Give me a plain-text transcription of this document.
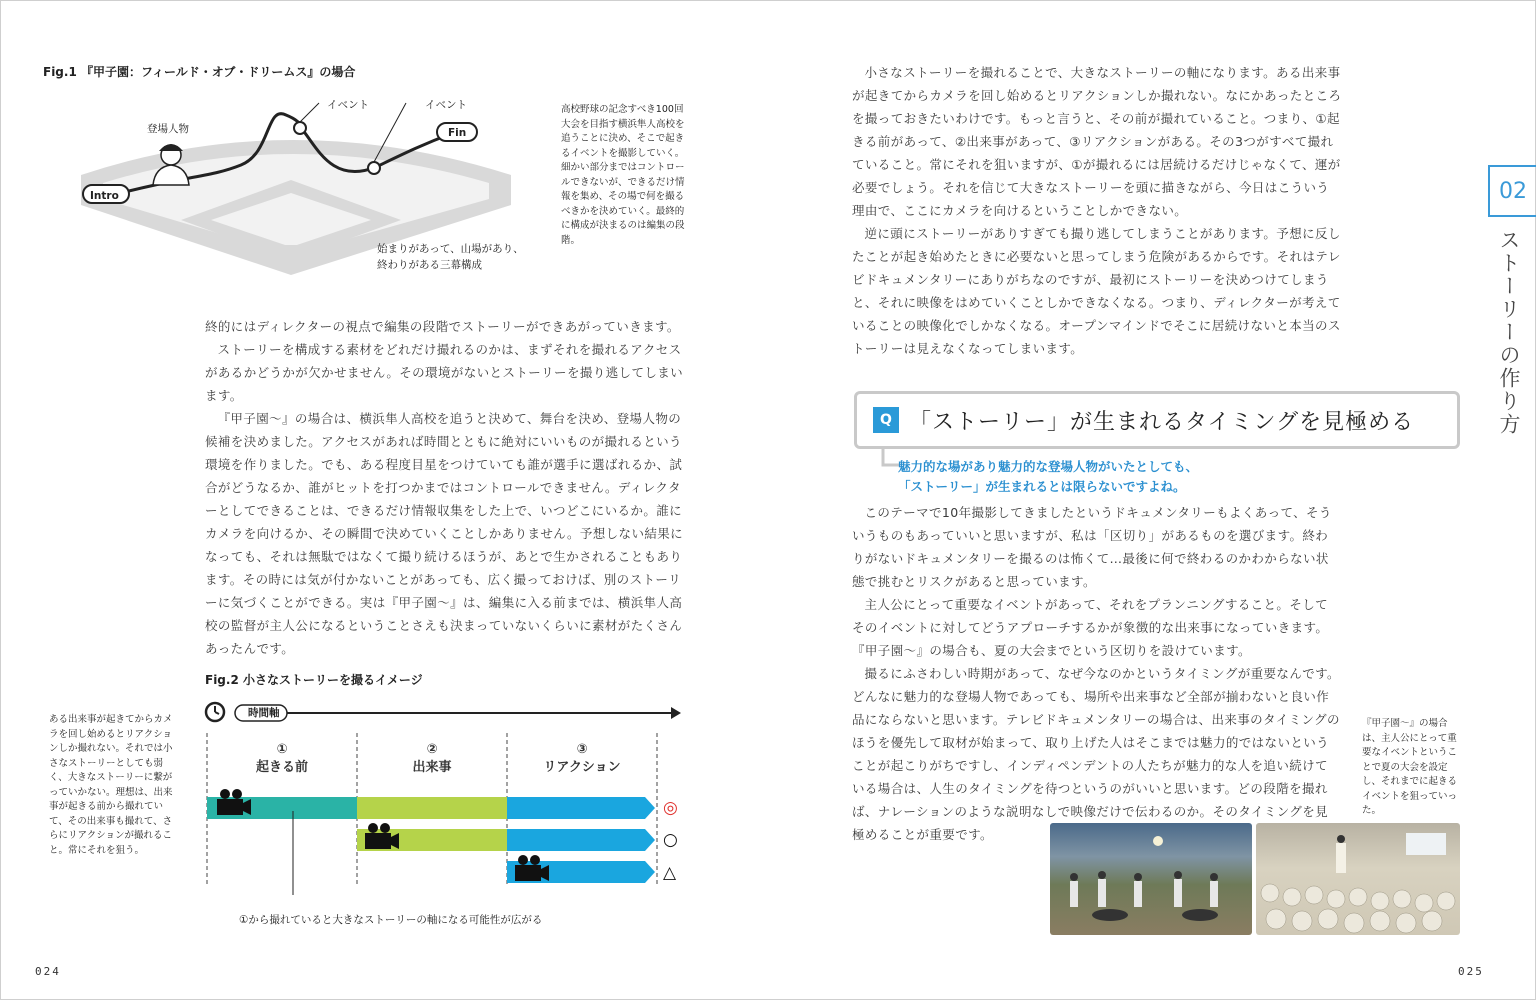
Fig.1 『甲子園：フィールド・オブ・ドリームス』の場合
登場人物
イベント	イベント
Intro
Fin
高校野球の記念すべき100回大会を目指す横浜隼人高校を追うことに決め、そこで起きるイベントを撮影していく。細かい部分まではコントロールできないが、できるだけ情報を集め、その場で何を撮るべきかを決めていく。最終的に構成が決まるのは編集の段階。
始まりがあって、山場があり、
終わりがある三幕構成

終的にはディレクターの視点で編集の段階でストーリーができあがっていきます。

ストーリーを構成する素材をどれだけ撮れるのかは、まずそれを撮れるアクセスがあるかどうかが欠かせません。その環境がないとストーリーを撮り逃してしまいます。

『甲子園〜』の場合は、横浜隼人高校を追うと決めて、舞台を決め、登場人物の候補を決めました。アクセスがあれば時間とともに絶対にいいものが撮れるという環境を作りました。でも、ある程度目星をつけていても誰が選手に選ばれるか、試合がどうなるか、誰がヒットを打つかまではコントロールできません。ディレクターとしてできることは、できるだけ情報収集をした上で、いつどこにいるか。誰にカメラを向けるか、その瞬間で決めていくことしかありません。予想しない結果になっても、それは無駄ではなくて撮り続けるほうが、あとで生かされることもあります。その時には気が付かないことがあっても、広く撮っておけば、別のストーリーに気づくことができる。実は『甲子園〜』は、編集に入る前までは、横浜隼人高校の監督が主人公になるということさえも決まっていないくらいに素材がたくさんあったんです。

Fig.2 小さなストーリーを撮るイメージ
ある出来事が起きてからカメラを回し始めるとリアクションしか撮れない。それでは小さなストーリーとしても弱く、大きなストーリーに繋がっていかない。理想は、出来事が起きる前から撮れていて、その出来事も撮れて、さらにリアクションが撮れること。常にそれを狙う。
時間軸
①
起きる前
②
出来事
③
リアクション
◎
○
△
①から撮れていると大きなストーリーの軸になる可能性が広がる
024

小さなストーリーを撮れることで、大きなストーリーの軸になります。ある出来事が起きてからカメラを回し始めるとリアクションしか撮れない。なにかあったところを撮っておきたいわけです。もっと言うと、その前が撮れていること。つまり、①起きる前があって、②出来事があって、③リアクションがある。その3つがすべて撮れていること。常にそれを狙いますが、①が撮れるには居続けるだけじゃなくて、運が必要でしょう。それを信じて大きなストーリーを頭に描きながら、今日はこういう理由で、ここにカメラを向けるということしかできない。

逆に頭にストーリーがありすぎても撮り逃してしまうことがあります。予想に反したことが起き始めたときに必要ないと思ってしまう危険があるからです。それはテレビドキュメンタリーにありがちなのですが、最初にストーリーを決めつけてしまうと、それに映像をはめていくことしかできなくなる。つまり、ディレクターが考えていることの映像化でしかなくなる。オープンマインドでそこに居続けないと本当のストーリーは見えなくなってしまいます。

02
ストーリーの作り方
Q 「ストーリー」が生まれるタイミングを見極める
魅力的な場があり魅力的な登場人物がいたとしても、
「ストーリー」が生まれるとは限らないですよね。

このテーマで10年撮影してきましたというドキュメンタリーもよくあって、そういうものもあっていいと思いますが、私は「区切り」があるものを選びます。終わりがないドキュメンタリーを撮るのは怖くて…最後に何で終わるのかわからない状態で挑むとリスクがあると思っています。

主人公にとって重要なイベントがあって、それをプランニングすること。そしてそのイベントに対してどうアプローチするかが象徴的な出来事になっていきます。『甲子園〜』の場合も、夏の大会までという区切りを設けています。

撮るにふさわしい時期があって、なぜ今なのかというタイミングが重要なんです。どんなに魅力的な登場人物であっても、場所や出来事など全部が揃わないと良い作品にならないと思います。テレビドキュメンタリーの場合は、出来事のタイミングのほうを優先して取材が始まって、取り上げた人はそこまでは魅力的ではないということが起こりがちですし、インディペンデントの人たちが魅力的な人を追い続けている場合は、人生のタイミングを待つというのがいいと思います。どの段階を撮れば、ナレーションのような説明なしで映像だけで伝わるのか。そのタイミングを見極めることが重要です。

『甲子園〜』の場合は、主人公にとって重要なイベントということで夏の大会を設定し、それまでに起きるイベントを狙っていった。
025
